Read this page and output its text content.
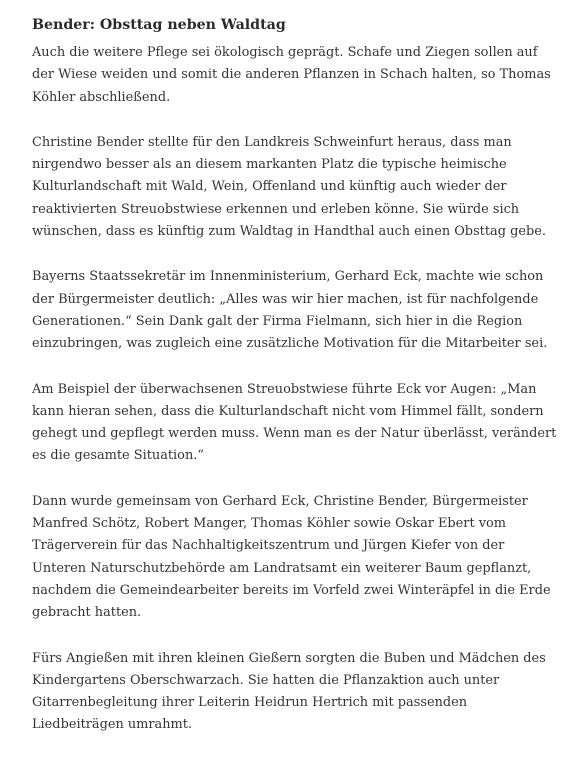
Bender: Obsttag neben Waldtag

Auch die weitere Pflege sei ökologisch geprägt. Schafe und Ziegen sollen auf der Wiese weiden und somit die anderen Pflanzen in Schach halten, so Thomas Köhler abschließend.

Christine Bender stellte für den Landkreis Schweinfurt heraus, dass man nirgendwo besser als an diesem markanten Platz die typische heimische Kulturlandschaft mit Wald, Wein, Offenland und künftig auch wieder der reaktivierten Streuobstwiese erkennen und erleben könne. Sie würde sich wünschen, dass es künftig zum Waldtag in Handthal auch einen Obsttag gebe.

Bayerns Staatssekretär im Innenministerium, Gerhard Eck, machte wie schon der Bürgermeister deutlich: „Alles was wir hier machen, ist für nachfolgende Generationen.“ Sein Dank galt der Firma Fielmann, sich hier in die Region einzubringen, was zugleich eine zusätzliche Motivation für die Mitarbeiter sei.

Am Beispiel der überwachsenen Streuobstwiese führte Eck vor Augen: „Man kann hieran sehen, dass die Kulturlandschaft nicht vom Himmel fällt, sondern gehegt und gepflegt werden muss. Wenn man es der Natur überlässt, verändert es die gesamte Situation.“

Dann wurde gemeinsam von Gerhard Eck, Christine Bender, Bürgermeister Manfred Schötz, Robert Manger, Thomas Köhler sowie Oskar Ebert vom Trägerverein für das Nachhaltigkeitszentrum und Jürgen Kiefer von der Unteren Naturschutzbehörde am Landratsamt ein weiterer Baum gepflanzt, nachdem die Gemeindearbeiter bereits im Vorfeld zwei Winteräpfel in die Erde gebracht hatten.

Fürs Angießen mit ihren kleinen Gießern sorgten die Buben und Mädchen des Kindergartens Oberschwarzach. Sie hatten die Pflanzaktion auch unter Gitarrenbegleitung ihrer Leiterin Heidrun Hertrich mit passenden Liedbeiträgen umrahmt.
